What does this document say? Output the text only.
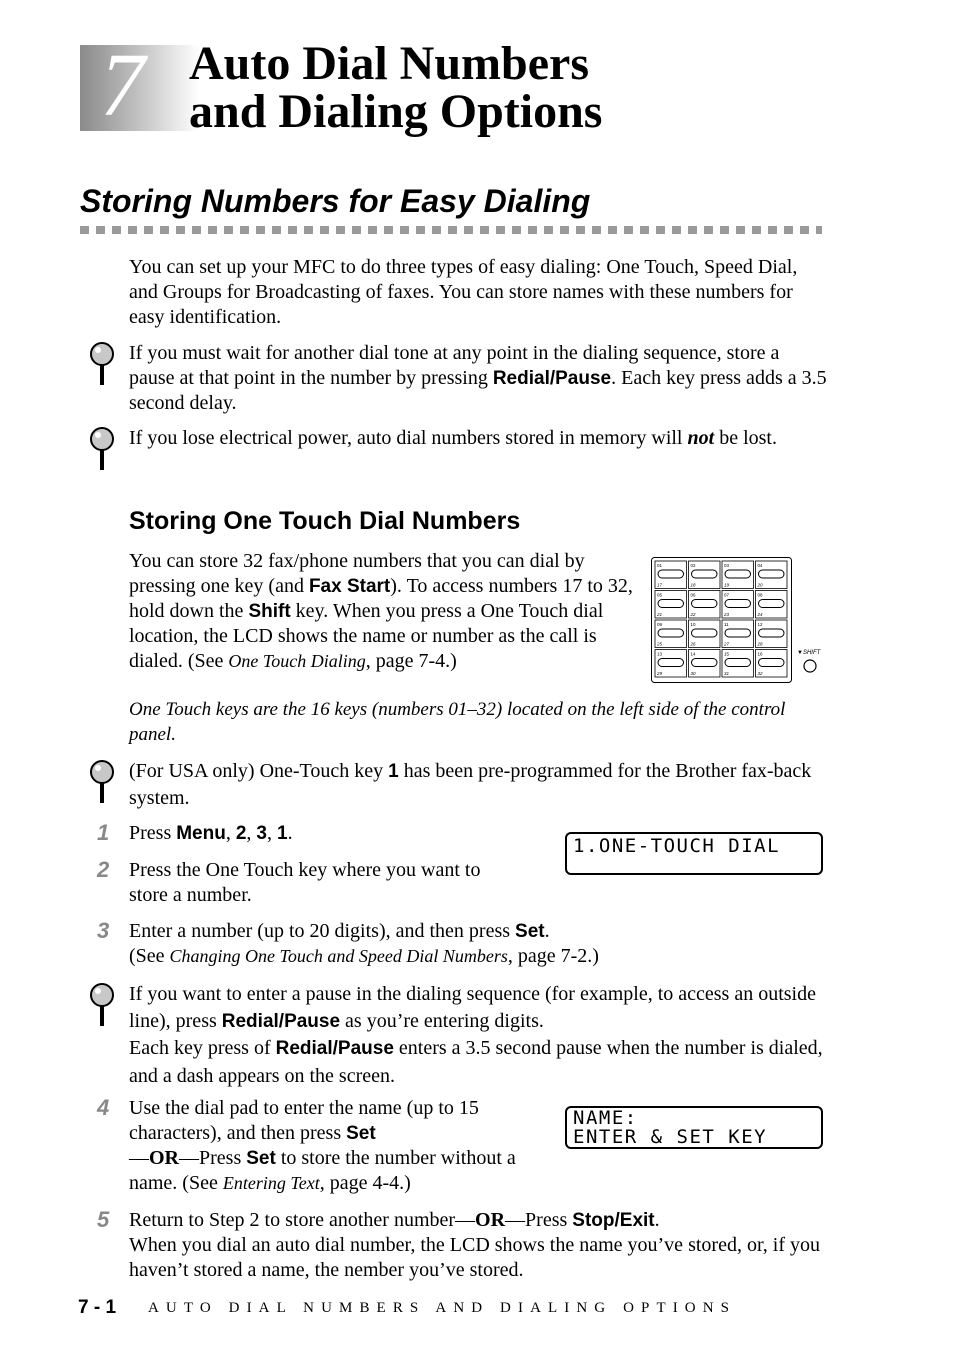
7 Auto Dial Numbers
and Dialing Options
Storing Numbers for Easy Dialing
You can set up your MFC to do three types of easy dialing: One Touch, Speed Dial, and Groups for Broadcasting of faxes. You can store names with these numbers for easy identification.
If you must wait for another dial tone at any point in the dialing sequence, store a pause at that point in the number by pressing Redial/Pause. Each key press adds a 3.5 second delay.
If you lose electrical power, auto dial numbers stored in memory will not be lost.
Storing One Touch Dial Numbers
You can store 32 fax/phone numbers that you can dial by pressing one key (and Fax Start). To access numbers 17 to 32, hold down the Shift key. When you press a One Touch dial location, the LCD shows the name or number as the call is dialed. (See One Touch Dialing, page 7-4.)
01
17
02
18
03
19
04
20
05
21
06
22
07
23
08
24
09
25
10
26
11
27
12
28
13
29
14
30
15
31
16
32
▼SHIFT
One Touch keys are the 16 keys (numbers 01–32) located on the left side of the control panel.
(For USA only) One-Touch key 1 has been pre-programmed for the Brother fax-back system.
1 Press Menu, 2, 3, 1.
1.ONE-TOUCH DIAL
2 Press the One Touch key where you want to store a number.
3 Enter a number (up to 20 digits), and then press Set.
(See Changing One Touch and Speed Dial Numbers, page 7-2.)
If you want to enter a pause in the dialing sequence (for example, to access an outside line), press Redial/Pause as you’re entering digits.
Each key press of Redial/Pause enters a 3.5 second pause when the number is dialed, and a dash appears on the screen.
4 Use the dial pad to enter the name (up to 15 characters), and then press Set
—OR—Press Set to store the number without a name. (See Entering Text, page 4-4.)
NAME:
ENTER & SET KEY
5 Return to Step 2 to store another number—OR—Press Stop/Exit.
When you dial an auto dial number, the LCD shows the name you’ve stored, or, if you haven’t stored a name, the nember you’ve stored.
7 - 1 AUTO DIAL NUMBERS AND DIALING OPTIONS
